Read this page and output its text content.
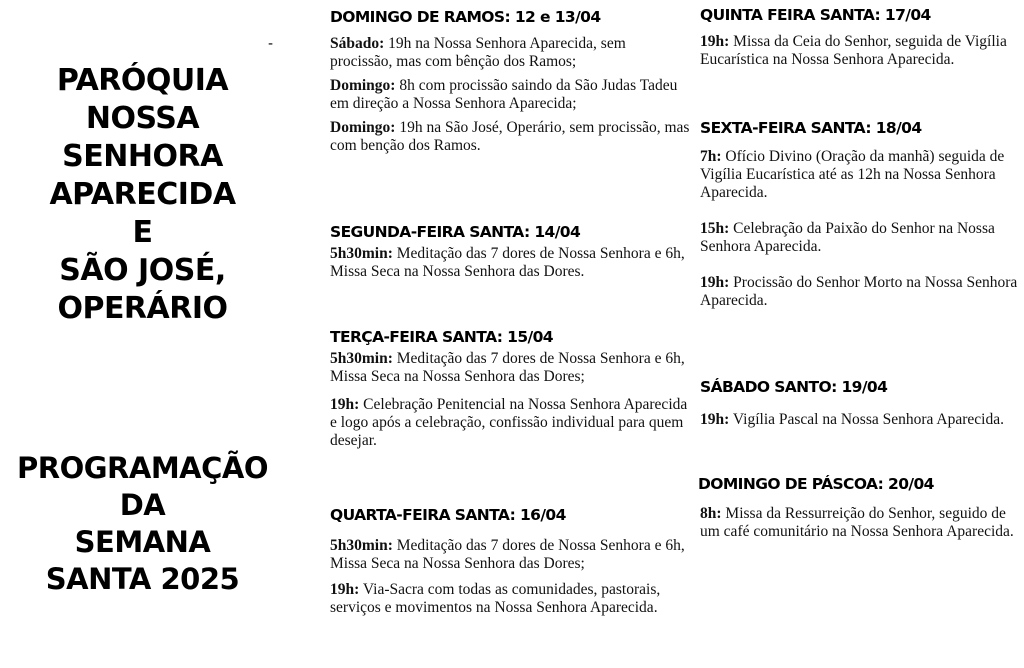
PARÓQUIA
NOSSA
SENHORA
APARECIDA
E
SÃO JOSÉ,
OPERÁRIO
PROGRAMAÇÃO
DA
SEMANA
SANTA 2025
-
DOMINGO DE RAMOS: 12 e 13/04
Sábado: 19h na Nossa Senhora Aparecida, sem procissão, mas com bênção dos Ramos;
Domingo: 8h com procissão saindo da São Judas Tadeu em direção a Nossa Senhora Aparecida;
Domingo: 19h na São José, Operário, sem procissão, mas com benção dos Ramos.
SEGUNDA-FEIRA SANTA: 14/04
5h30min: Meditação das 7 dores de Nossa Senhora e 6h, Missa Seca na Nossa Senhora das Dores.
TERÇA-FEIRA SANTA: 15/04
5h30min: Meditação das 7 dores de Nossa Senhora e 6h, Missa Seca na Nossa Senhora das Dores;
19h: Celebração Penitencial na Nossa Senhora Aparecida e logo após a celebração, confissão individual para quem desejar.
QUARTA-FEIRA SANTA: 16/04
5h30min: Meditação das 7 dores de Nossa Senhora e 6h, Missa Seca na Nossa Senhora das Dores;
19h: Via-Sacra com todas as comunidades, pastorais, serviços e movimentos na Nossa Senhora Aparecida.
QUINTA FEIRA SANTA: 17/04
19h: Missa da Ceia do Senhor, seguida de Vigília Eucarística na Nossa Senhora Aparecida.
SEXTA-FEIRA SANTA: 18/04
7h: Ofício Divino (Oração da manhã) seguida de Vigília Eucarística até as 12h na Nossa Senhora Aparecida.
15h: Celebração da Paixão do Senhor na Nossa Senhora Aparecida.
19h: Procissão do Senhor Morto na Nossa Senhora Aparecida.
SÁBADO SANTO: 19/04
19h: Vigília Pascal na Nossa Senhora Aparecida.
DOMINGO DE PÁSCOA: 20/04
8h: Missa da Ressurreição do Senhor, seguido de um café comunitário na Nossa Senhora Aparecida.
